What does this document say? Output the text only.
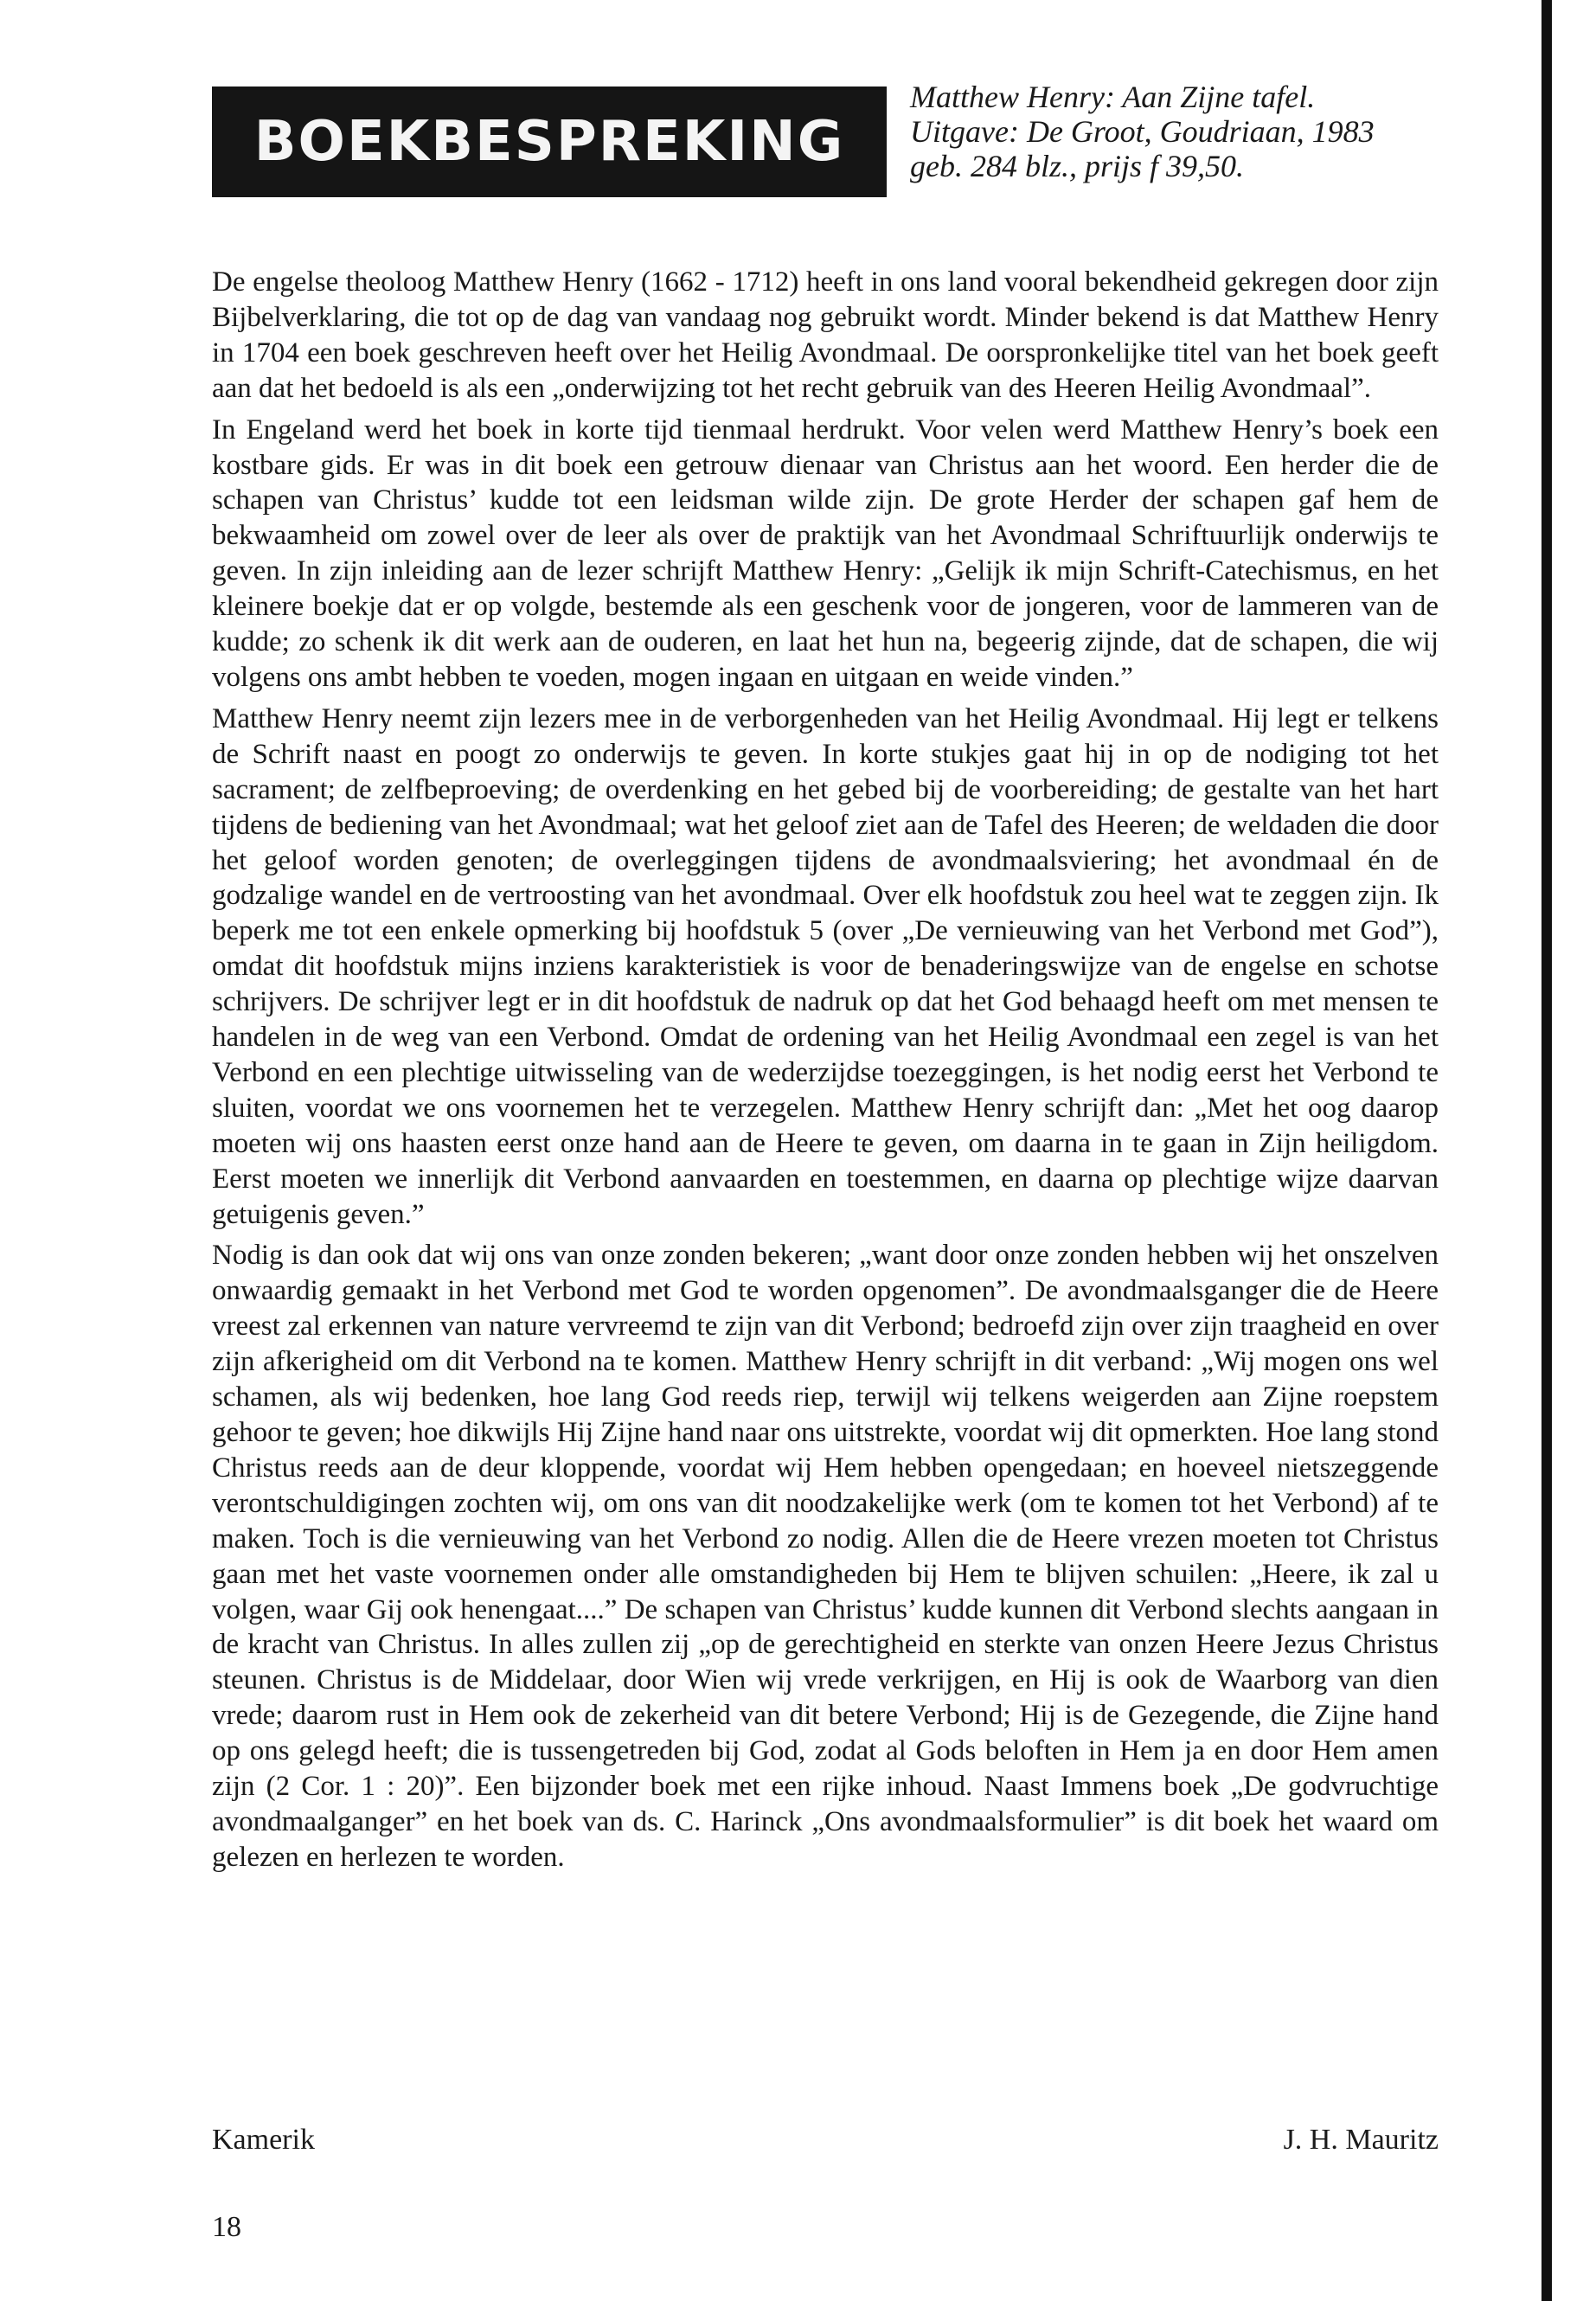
BOEKBESPREKING
Matthew Henry: Aan Zijne tafel.
Uitgave: De Groot, Goudriaan, 1983
geb. 284 blz., prijs f 39,50.

De engelse theoloog Matthew Henry (1662 - 1712) heeft in ons land vooral bekendheid gekregen door zijn Bijbelverklaring, die tot op de dag van vandaag nog gebruikt wordt. Minder bekend is dat Matthew Henry in 1704 een boek geschreven heeft over het Heilig Avondmaal. De oorspronkelijke titel van het boek geeft aan dat het bedoeld is als een „onderwijzing tot het recht gebruik van des Heeren Heilig Avondmaal”.

In Engeland werd het boek in korte tijd tienmaal herdrukt. Voor velen werd Matthew Henry’s boek een kostbare gids. Er was in dit boek een getrouw dienaar van Christus aan het woord. Een herder die de schapen van Christus’ kudde tot een leidsman wilde zijn. De grote Herder der schapen gaf hem de bekwaamheid om zowel over de leer als over de praktijk van het Avondmaal Schriftuurlijk onderwijs te geven. In zijn inleiding aan de lezer schrijft Matthew Henry: „Gelijk ik mijn Schrift-Catechismus, en het kleinere boekje dat er op volgde, bestemde als een geschenk voor de jongeren, voor de lammeren van de kudde; zo schenk ik dit werk aan de ouderen, en laat het hun na, begeerig zijnde, dat de schapen, die wij volgens ons ambt hebben te voeden, mogen ingaan en uitgaan en weide vinden.”

Matthew Henry neemt zijn lezers mee in de verborgenheden van het Heilig Avondmaal. Hij legt er telkens de Schrift naast en poogt zo onderwijs te geven. In korte stukjes gaat hij in op de nodiging tot het sacrament; de zelfbeproeving; de overdenking en het gebed bij de voorbereiding; de gestalte van het hart tijdens de bediening van het Avondmaal; wat het geloof ziet aan de Tafel des Heeren; de weldaden die door het geloof worden genoten; de overleggingen tijdens de avondmaalsviering; het avondmaal én de godzalige wandel en de vertroosting van het avondmaal. Over elk hoofdstuk zou heel wat te zeggen zijn. Ik beperk me tot een enkele opmerking bij hoofdstuk 5 (over „De vernieuwing van het Verbond met God”), omdat dit hoofdstuk mijns inziens karakteristiek is voor de benaderingswijze van de engelse en schotse schrijvers. De schrijver legt er in dit hoofdstuk de nadruk op dat het God behaagd heeft om met mensen te handelen in de weg van een Verbond. Omdat de ordening van het Heilig Avondmaal een zegel is van het Verbond en een plechtige uitwisseling van de wederzijdse toezeggingen, is het nodig eerst het Verbond te sluiten, voordat we ons voornemen het te verzegelen. Matthew Henry schrijft dan: „Met het oog daarop moeten wij ons haasten eerst onze hand aan de Heere te geven, om daarna in te gaan in Zijn heiligdom. Eerst moeten we innerlijk dit Verbond aanvaarden en toestemmen, en daarna op plechtige wijze daarvan getuigenis geven.”

Nodig is dan ook dat wij ons van onze zonden bekeren; „want door onze zonden hebben wij het onszelven onwaardig gemaakt in het Verbond met God te worden opgenomen”. De avondmaalsganger die de Heere vreest zal erkennen van nature vervreemd te zijn van dit Verbond; bedroefd zijn over zijn traagheid en over zijn afkerigheid om dit Verbond na te komen. Matthew Henry schrijft in dit verband: „Wij mogen ons wel schamen, als wij bedenken, hoe lang God reeds riep, terwijl wij telkens weigerden aan Zijne roepstem gehoor te geven; hoe dikwijls Hij Zijne hand naar ons uitstrekte, voordat wij dit opmerkten. Hoe lang stond Christus reeds aan de deur kloppende, voordat wij Hem hebben opengedaan; en hoeveel nietszeggende verontschuldigingen zochten wij, om ons van dit noodzakelijke werk (om te komen tot het Verbond) af te maken. Toch is die vernieuwing van het Verbond zo nodig. Allen die de Heere vrezen moeten tot Christus gaan met het vaste voornemen onder alle omstandigheden bij Hem te blijven schuilen: „Heere, ik zal u volgen, waar Gij ook henengaat....” De schapen van Christus’ kudde kunnen dit Verbond slechts aangaan in de kracht van Christus. In alles zullen zij „op de gerechtigheid en sterkte van onzen Heere Jezus Christus steunen. Christus is de Middelaar, door Wien wij vrede verkrijgen, en Hij is ook de Waarborg van dien vrede; daarom rust in Hem ook de zekerheid van dit betere Verbond; Hij is de Gezegende, die Zijne hand op ons gelegd heeft; die is tussengetreden bij God, zodat al Gods beloften in Hem ja en door Hem amen zijn (2 Cor. 1 : 20)”. Een bijzonder boek met een rijke inhoud. Naast Immens boek „De godvruchtige avondmaalganger” en het boek van ds. C. Harinck „Ons avondmaalsformulier” is dit boek het waard om gelezen en herlezen te worden.

Kamerik	J. H. Mauritz
18
